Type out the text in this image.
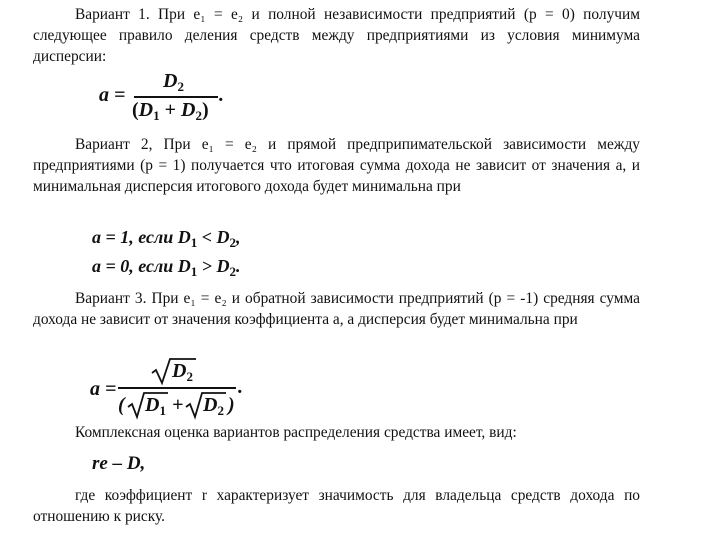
Вариант 1. При e₁ = e₂ и полной независимости предприятий (р = 0) получим следующее правило деления средств между предприятиями из условия минимума дисперсии:
a =
$D_2$
$(D_1 + D_2)$
.
Вариант 2, При e₁ = e₂ и прямой предприпимательской зависимости между предприятиями (р = 1) получается что итоговая сумма дохода не зависит от значения а, и минимальная дисперсия итогового дохода будет минимальна при
a = 1, если $D_1 < D_2$,
a = 0, если $D_1 > D_2$.
Вариант 3. При e₁ = e₂ и обратной зависимости предприятий (р = -1) средняя сумма дохода не зависит от значения коэффициента а, а дисперсия будет минимальна при
a =
$D_2$
( $D_1 + D_2$ )
.
Комплексная оценка вариантов распределения средства имеет, вид:
re – D,
где коэффициент r характеризует значимость для владельца средств дохода по отношению к риску.
